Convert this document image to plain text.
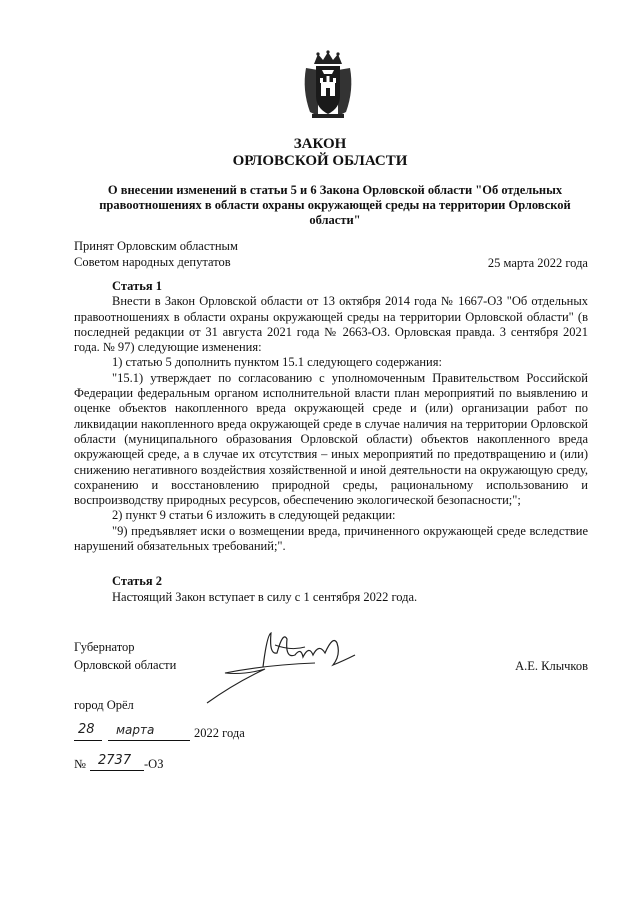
ЗАКОН
ОРЛОВСКОЙ ОБЛАСТИ
О внесении изменений в статьи 5 и 6 Закона Орловской области "Об отдельных правоотношениях в области охраны окружающей среды на территории Орловской области"
Принят Орловским областным
Советом народных депутатов	25 марта 2022 года

Статья 1

Внести в Закон Орловской области от 13 октября 2014 года № 1667-ОЗ "Об отдельных правоотношениях в области охраны окружающей среды на территории Орловской области" (в последней редакции от 31 августа 2021 года № 2663-ОЗ. Орловская правда. 3 сентября 2021 года. № 97) следующие изменения:

1) статью 5 дополнить пунктом 15.1 следующего содержания:

"15.1) утверждает по согласованию с уполномоченным Правительством Российской Федерации федеральным органом исполнительной власти план мероприятий по выявлению и оценке объектов накопленного вреда окружающей среде и (или) организации работ по ликвидации накопленного вреда окружающей среде в случае наличия на территории Орловской области (муниципального образования Орловской области) объектов накопленного вреда окружающей среде, а в случае их отсутствия – иных мероприятий по предотвращению и (или) снижению негативного воздействия хозяйственной и иной деятельности на окружающую среду, сохранению и восстановлению природной среды, рациональному использованию и воспроизводству природных ресурсов, обеспечению экологической безопасности;";

2) пункт 9 статьи 6 изложить в следующей редакции:

"9) предъявляет иски о возмещении вреда, причиненного окружающей среде вследствие нарушений обязательных требований;".

Статья 2

Настоящий Закон вступает в силу с 1 сентября 2022 года.

Губернатор
Орловской области	А.Е. Клычков
город Орёл
28 марта	2022 года
№ 2737 -ОЗ
